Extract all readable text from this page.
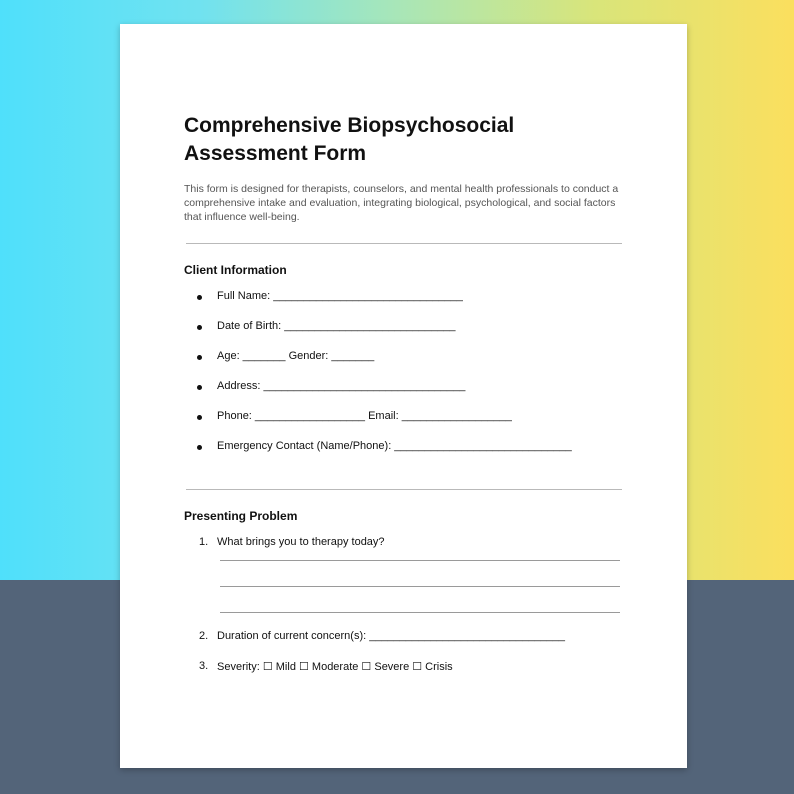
Comprehensive Biopsychosocial Assessment Form

This form is designed for therapists, counselors, and mental health professionals to conduct a comprehensive intake and evaluation, integrating biological, psychological, and social factors that influence well-being.

Client Information
Full Name: _______________________________
Date of Birth: ____________________________
Age: _______ Gender: _______
Address: _________________________________
Phone: __________________ Email: __________________
Emergency Contact (Name/Phone): _____________________________
Presenting Problem
1. What brings you to therapy today?
2. Duration of current concern(s): ________________________________
3. Severity: ☐ Mild ☐ Moderate ☐ Severe ☐ Crisis
